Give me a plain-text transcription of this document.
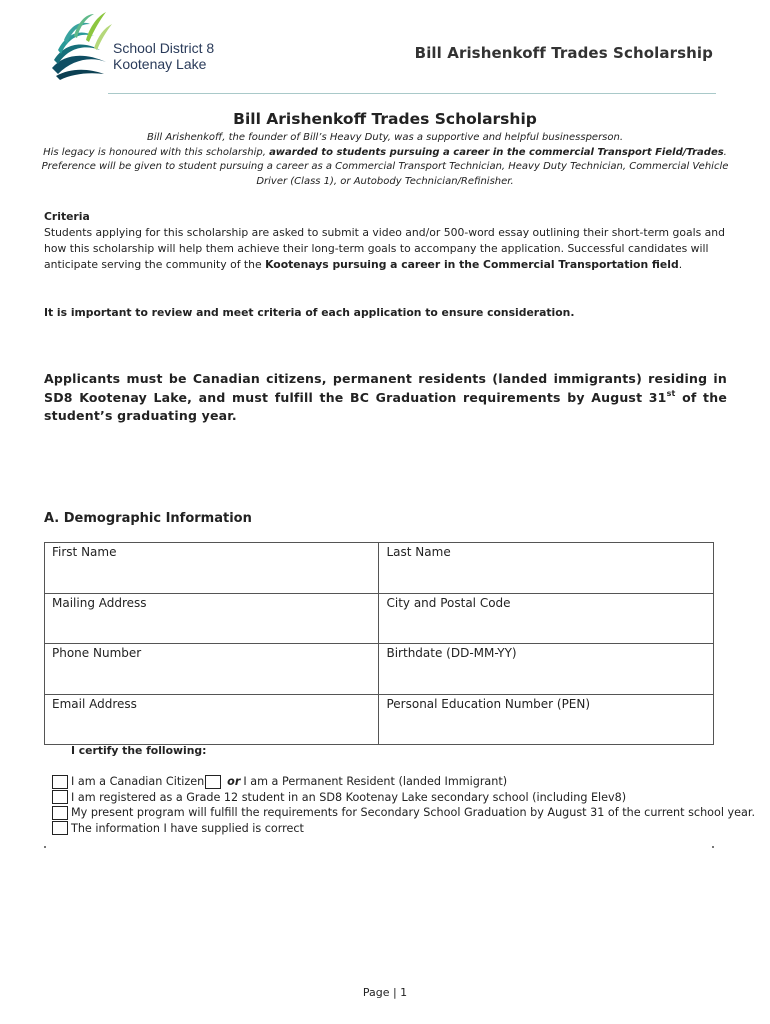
School District 8
Kootenay Lake
Bill Arishenkoff Trades Scholarship
Bill Arishenkoff Trades Scholarship
Bill Arishenkoff, the founder of Bill’s Heavy Duty, was a supportive and helpful businessperson.
His legacy is honoured with this scholarship, awarded to students pursuing a career in the commercial Transport Field/Trades.
Preference will be given to student pursuing a career as a Commercial Transport Technician, Heavy Duty Technician, Commercial Vehicle Driver (Class 1), or Autobody Technician/Refinisher.
Criteria
Students applying for this scholarship are asked to submit a video and/or 500-word essay outlining their short-term goals and how this scholarship will help them achieve their long-term goals to accompany the application. Successful candidates will anticipate serving the community of the Kootenays pursuing a career in the Commercial Transportation field.
It is important to review and meet criteria of each application to ensure consideration.
Applicants must be Canadian citizens, permanent residents (landed immigrants) residing in SD8 Kootenay Lake, and must fulfill the BC Graduation requirements by August 31st of the student’s graduating year.
A. Demographic Information
First Name	Last Name
Mailing Address	City and Postal Code
Phone Number	Birthdate (DD-MM-YY)
Email Address	Personal Education Number (PEN)
I certify the following:
I am a Canadian Citizen or I am a Permanent Resident (landed Immigrant)
I am registered as a Grade 12 student in an SD8 Kootenay Lake secondary school (including Elev8)
My present program will fulfill the requirements for Secondary School Graduation by August 31 of the current school year.
The information I have supplied is correct
Page | 1
